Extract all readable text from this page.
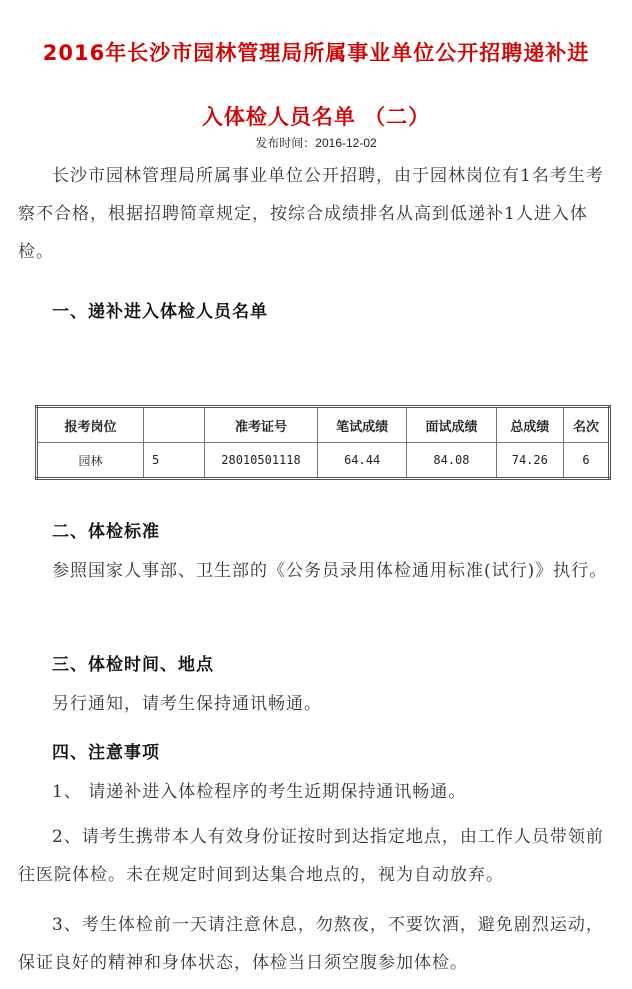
2016年长沙市园林管理局所属事业单位公开招聘递补进
入体检人员名单 （二）
发布时间：2016-12-02
长沙市园林管理局所属事业单位公开招聘，由于园林岗位有1名考生考察不合格，根据招聘简章规定，按综合成绩排名从高到低递补1人进入体检。
一、递补进入体检人员名单
报考岗位		准考证号	笔试成绩	面试成绩	总成绩	名次
园林	5	28010501118	64.44	84.08	74.26	6
二、体检标准
参照国家人事部、卫生部的《公务员录用体检通用标准(试行)》执行。
三、体检时间、地点
另行通知，请考生保持通讯畅通。
四、注意事项
1、 请递补进入体检程序的考生近期保持通讯畅通。
2、请考生携带本人有效身份证按时到达指定地点，由工作人员带领前往医院体检。未在规定时间到达集合地点的，视为自动放弃。
3、考生体检前一天请注意休息，勿熬夜，不要饮酒，避免剧烈运动，保证良好的精神和身体状态，体检当日须空腹参加体检。
